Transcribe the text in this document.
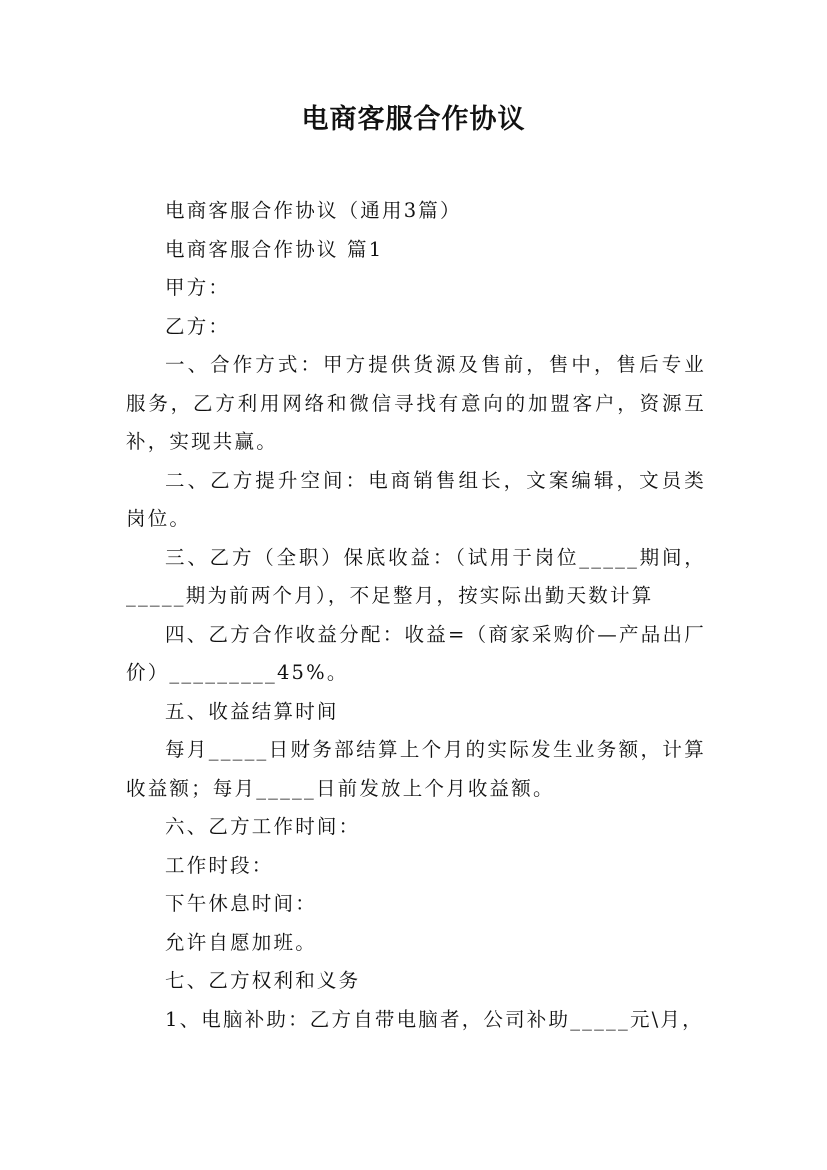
电商客服合作协议

电商客服合作协议（通用3篇）

电商客服合作协议 篇1

甲方：

乙方：

一、合作方式：甲方提供货源及售前，售中，售后专业服务，乙方利用网络和微信寻找有意向的加盟客户，资源互补，实现共赢。

二、乙方提升空间：电商销售组长，文案编辑，文员类岗位。

三、乙方（全职）保底收益：（试用于岗位_____期间，_____期为前两个月），不足整月，按实际出勤天数计算

四、乙方合作收益分配：收益=（商家采购价—产品出厂价）_________45%。

五、收益结算时间

每月_____日财务部结算上个月的实际发生业务额，计算收益额；每月_____日前发放上个月收益额。

六、乙方工作时间：

工作时段：

下午休息时间：

允许自愿加班。

七、乙方权利和义务

1、电脑补助：乙方自带电脑者，公司补助_____元\月，
